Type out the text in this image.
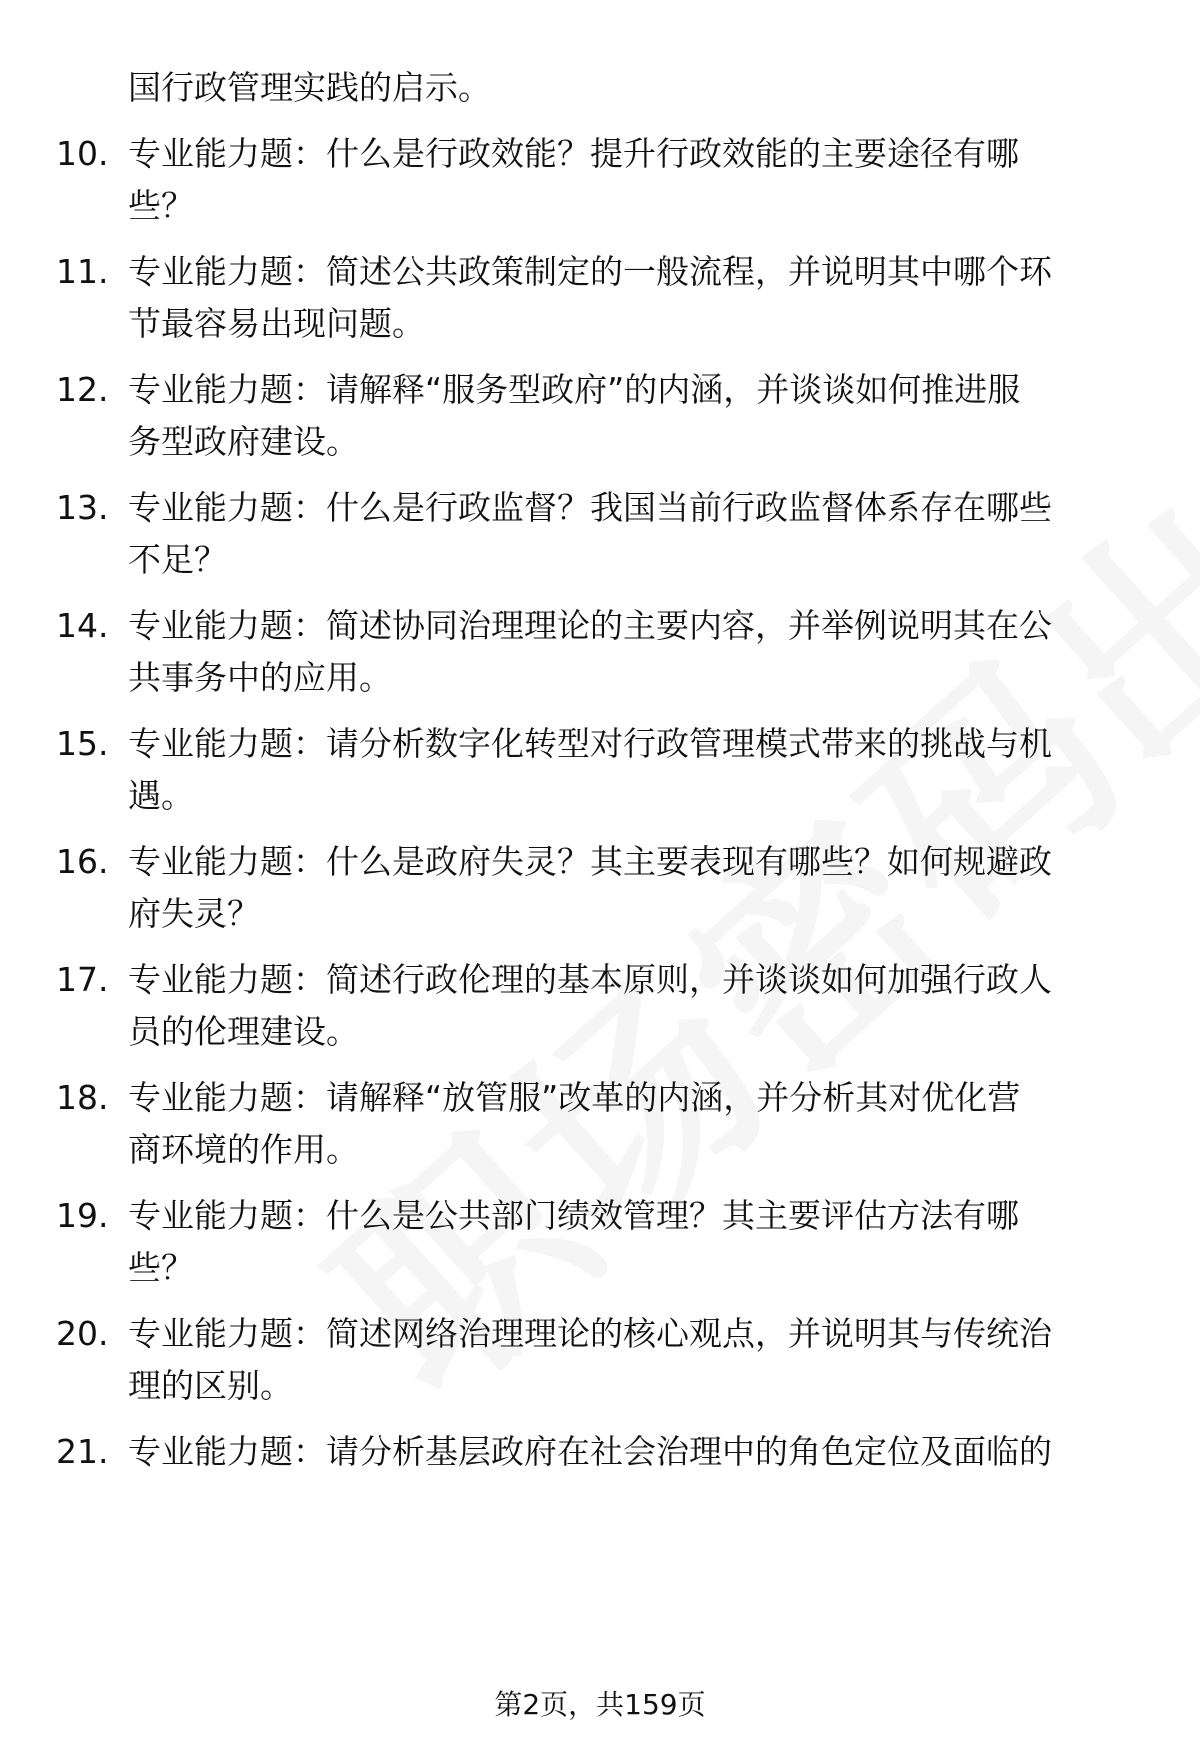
国行政管理实践的启示。
10. 专业能力题：什么是行政效能？提升行政效能的主要途径有哪
些？
11. 专业能力题：简述公共政策制定的一般流程，并说明其中哪个环
节最容易出现问题。
12. 专业能力题：请解释“服务型政府”的内涵，并谈谈如何推进服
务型政府建设。
13. 专业能力题：什么是行政监督？我国当前行政监督体系存在哪些
不足？
14. 专业能力题：简述协同治理理论的主要内容，并举例说明其在公
共事务中的应用。
15. 专业能力题：请分析数字化转型对行政管理模式带来的挑战与机
遇。
16. 专业能力题：什么是政府失灵？其主要表现有哪些？如何规避政
府失灵？
17. 专业能力题：简述行政伦理的基本原则，并谈谈如何加强行政人
员的伦理建设。
18. 专业能力题：请解释“放管服”改革的内涵，并分析其对优化营
商环境的作用。
19. 专业能力题：什么是公共部门绩效管理？其主要评估方法有哪
些？
20. 专业能力题：简述网络治理理论的核心观点，并说明其与传统治
理的区别。
21. 专业能力题：请分析基层政府在社会治理中的角色定位及面临的
第2页，共159页
